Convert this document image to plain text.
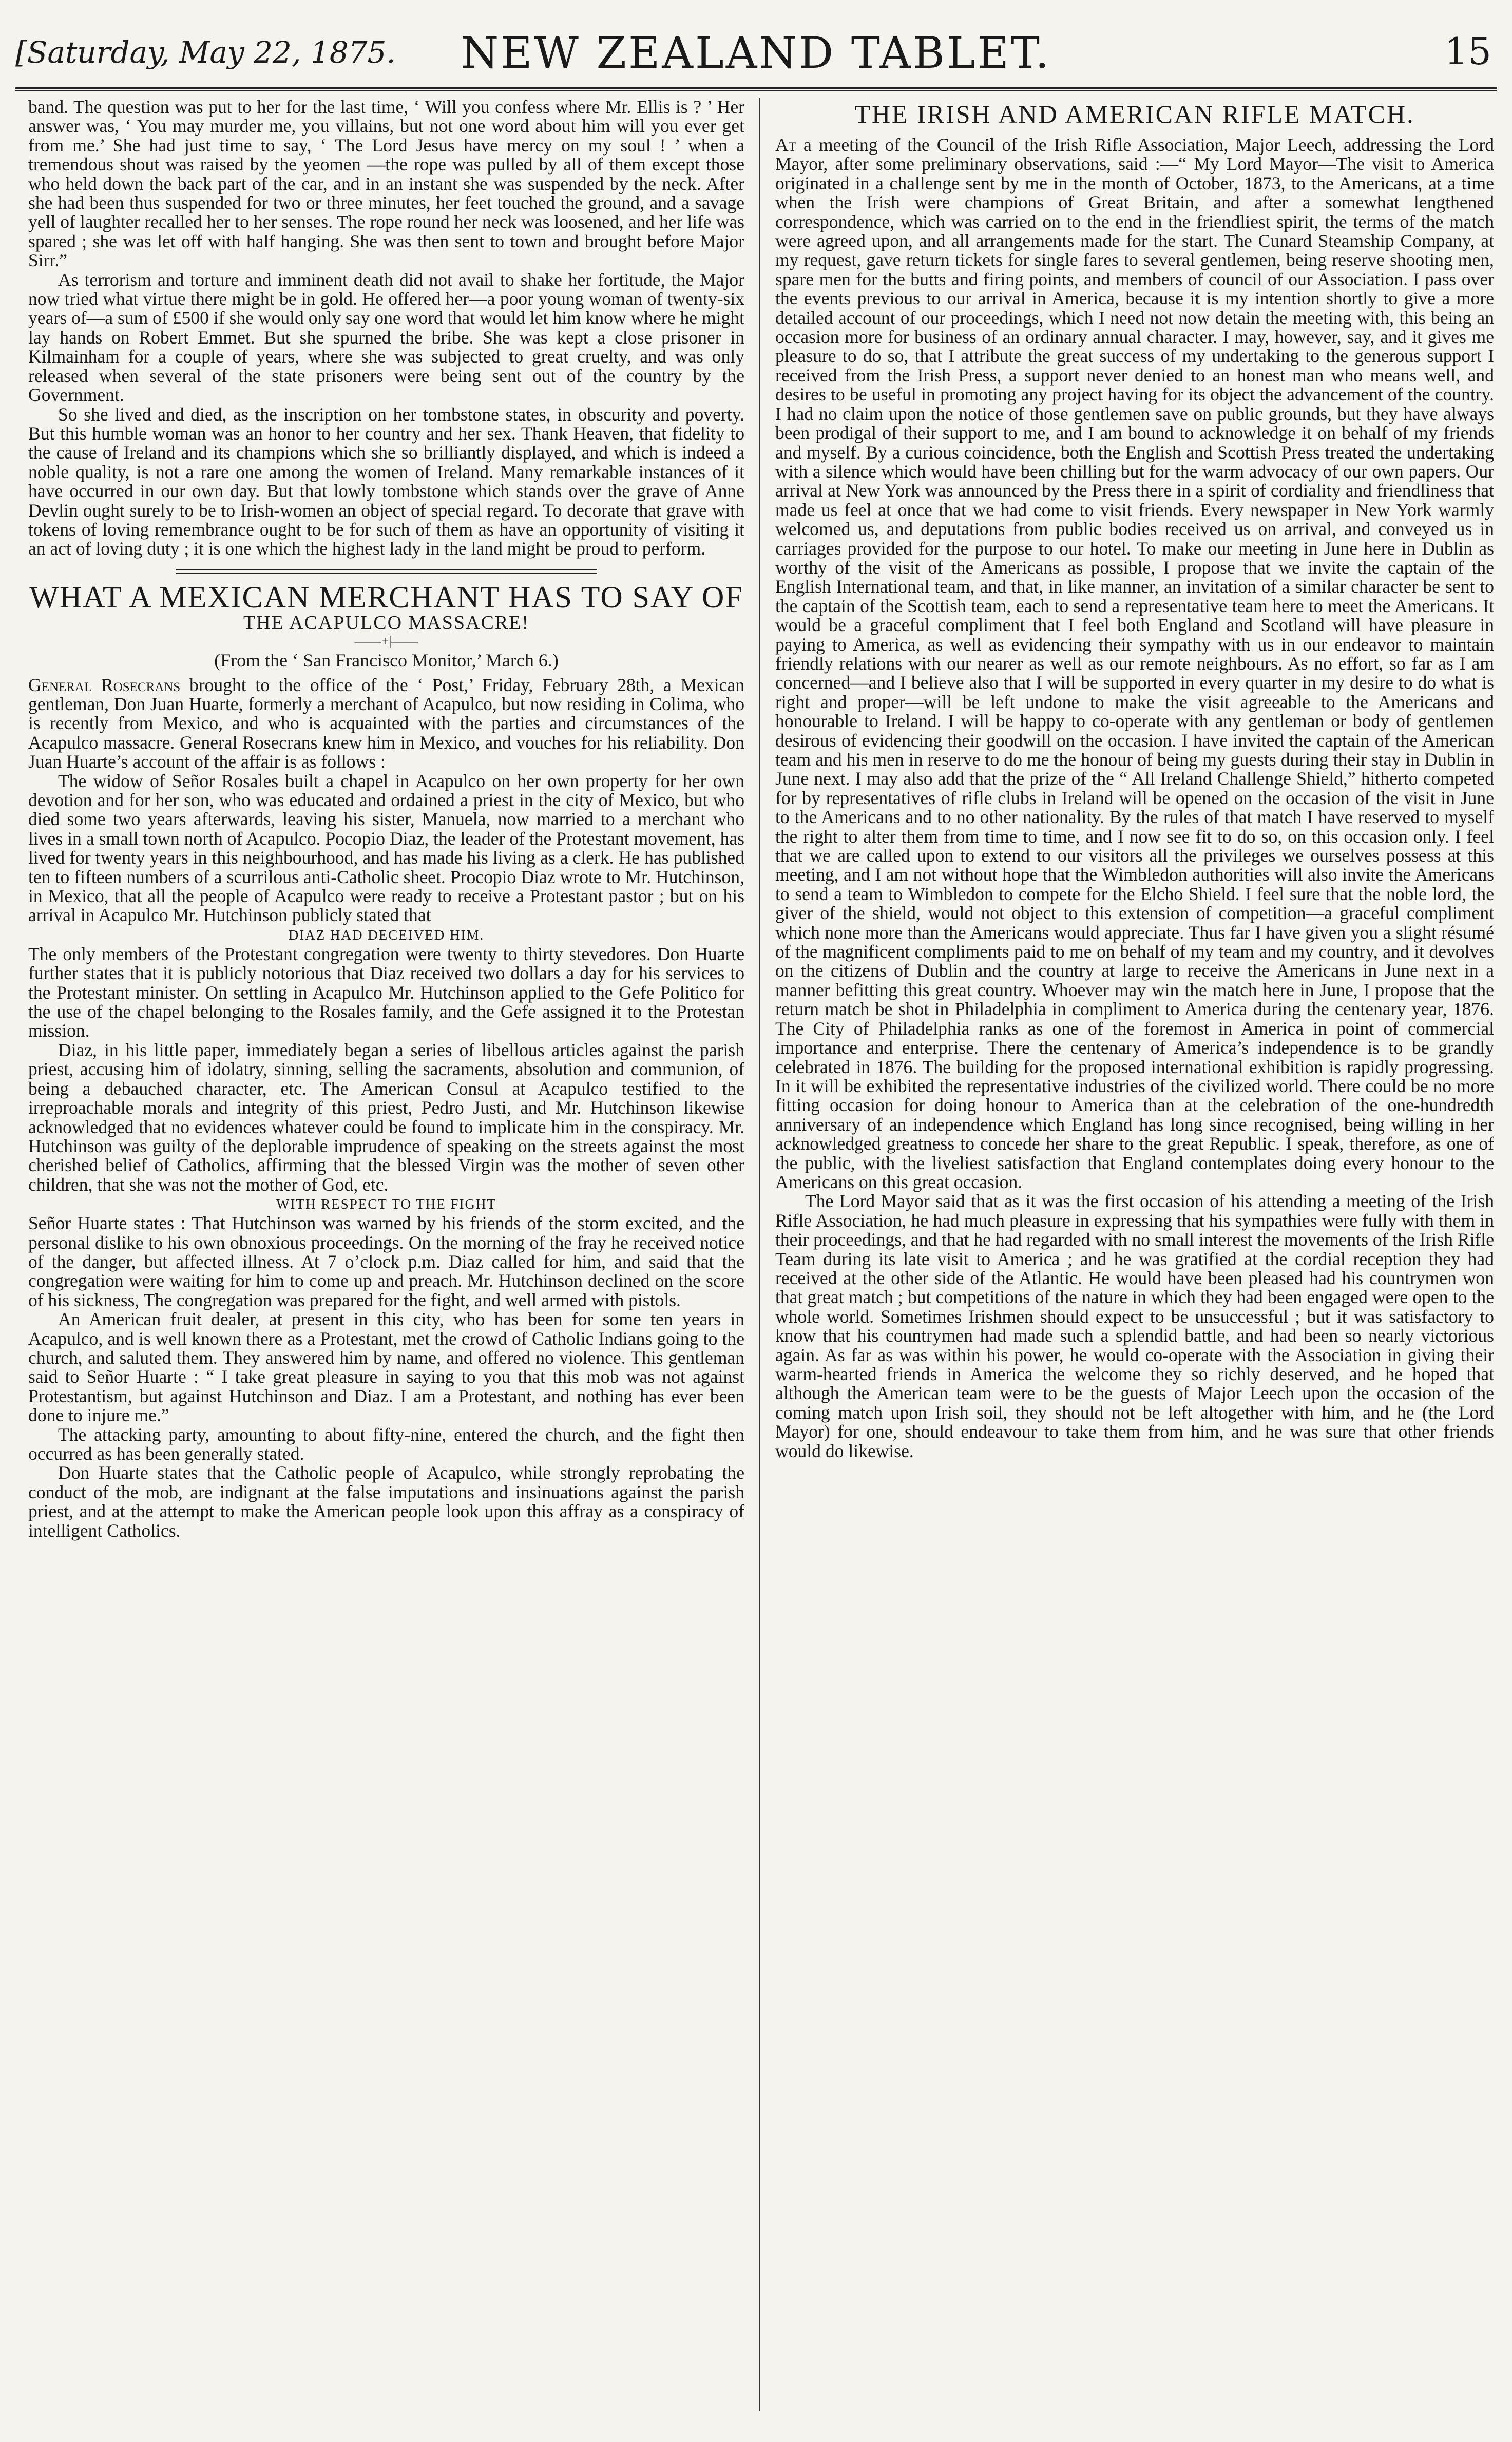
[Saturday, May 22, 1875.	NEW ZEALAND TABLET.	15

band. The question was put to her for the last time, ‘ Will you confess where Mr. Ellis is ? ’ Her answer was, ‘ You may murder me, you villains, but not one word about him will you ever get from me.’ She had just time to say, ‘ The Lord Jesus have mercy on my soul ! ’ when a tremendous shout was raised by the yeomen —the rope was pulled by all of them except those who held down the back part of the car, and in an instant she was suspended by the neck. After she had been thus suspended for two or three minutes, her feet touched the ground, and a savage yell of laughter recalled her to her senses. The rope round her neck was loosened, and her life was spared ; she was let off with half hanging. She was then sent to town and brought before Major Sirr.”

As terrorism and torture and imminent death did not avail to shake her fortitude, the Major now tried what virtue there might be in gold. He offered her—a poor young woman of twenty-six years of—a sum of £500 if she would only say one word that would let him know where he might lay hands on Robert Emmet. But she spurned the bribe. She was kept a close prisoner in Kilmainham for a couple of years, where she was subjected to great cruelty, and was only released when several of the state prisoners were being sent out of the country by the Government.

So she lived and died, as the inscription on her tombstone states, in obscurity and poverty. But this humble woman was an honor to her country and her sex. Thank Heaven, that fidelity to the cause of Ireland and its champions which she so brilliantly displayed, and which is indeed a noble quality, is not a rare one among the women of Ireland. Many remarkable instances of it have occurred in our own day. But that lowly tombstone which stands over the grave of Anne Devlin ought surely to be to Irish-women an object of special regard. To decorate that grave with tokens of loving remembrance ought to be for such of them as have an opportunity of visiting it an act of loving duty ; it is one which the highest lady in the land might be proud to perform.

WHAT A MEXICAN MERCHANT HAS TO SAY OF
THE ACAPULCO MASSACRE!
——+|——
(From the ‘ San Francisco Monitor,’ March 6.)

General Rosecrans brought to the office of the ‘ Post,’ Friday, February 28th, a Mexican gentleman, Don Juan Huarte, formerly a merchant of Acapulco, but now residing in Colima, who is recently from Mexico, and who is acquainted with the parties and circumstances of the Acapulco massacre. General Rosecrans knew him in Mexico, and vouches for his reliability. Don Juan Huarte’s account of the affair is as follows :

The widow of Señor Rosales built a chapel in Acapulco on her own property for her own devotion and for her son, who was educated and ordained a priest in the city of Mexico, but who died some two years afterwards, leaving his sister, Manuela, now married to a merchant who lives in a small town north of Acapulco. Pocopio Diaz, the leader of the Protestant movement, has lived for twenty years in this neighbourhood, and has made his living as a clerk. He has published ten to fifteen numbers of a scurrilous anti-Catholic sheet. Procopio Diaz wrote to Mr. Hutchinson, in Mexico, that all the people of Acapulco were ready to receive a Protestant pastor ; but on his arrival in Acapulco Mr. Hutchinson publicly stated that

DIAZ HAD DECEIVED HIM.

The only members of the Protestant congregation were twenty to thirty stevedores. Don Huarte further states that it is publicly notorious that Diaz received two dollars a day for his services to the Protestant minister. On settling in Acapulco Mr. Hutchinson applied to the Gefe Politico for the use of the chapel belonging to the Rosales family, and the Gefe assigned it to the Protestan mission.

Diaz, in his little paper, immediately began a series of libellous articles against the parish priest, accusing him of idolatry, sinning, selling the sacraments, absolution and communion, of being a debauched character, etc. The American Consul at Acapulco testified to the irreproachable morals and integrity of this priest, Pedro Justi, and Mr. Hutchinson likewise acknowledged that no evidences whatever could be found to implicate him in the conspiracy. Mr. Hutchinson was guilty of the deplorable imprudence of speaking on the streets against the most cherished belief of Catholics, affirming that the blessed Virgin was the mother of seven other children, that she was not the mother of God, etc.

WITH RESPECT TO THE FIGHT

Señor Huarte states : That Hutchinson was warned by his friends of the storm excited, and the personal dislike to his own obnoxious proceedings. On the morning of the fray he received notice of the danger, but affected illness. At 7 o’clock p.m. Diaz called for him, and said that the congregation were waiting for him to come up and preach. Mr. Hutchinson declined on the score of his sickness, The congregation was prepared for the fight, and well armed with pistols.

An American fruit dealer, at present in this city, who has been for some ten years in Acapulco, and is well known there as a Protestant, met the crowd of Catholic Indians going to the church, and saluted them. They answered him by name, and offered no violence. This gentleman said to Señor Huarte : “ I take great pleasure in saying to you that this mob was not against Protestantism, but against Hutchinson and Diaz. I am a Protestant, and nothing has ever been done to injure me.”

The attacking party, amounting to about fifty-nine, entered the church, and the fight then occurred as has been generally stated.

Don Huarte states that the Catholic people of Acapulco, while strongly reprobating the conduct of the mob, are indignant at the false imputations and insinuations against the parish priest, and at the attempt to make the American people look upon this affray as a conspiracy of intelligent Catholics.

THE IRISH AND AMERICAN RIFLE MATCH.

At a meeting of the Council of the Irish Rifle Association, Major Leech, addressing the Lord Mayor, after some preliminary observations, said :—“ My Lord Mayor—The visit to America originated in a challenge sent by me in the month of October, 1873, to the Americans, at a time when the Irish were champions of Great Britain, and after a somewhat lengthened correspondence, which was carried on to the end in the friendliest spirit, the terms of the match were agreed upon, and all arrangements made for the start. The Cunard Steamship Company, at my request, gave return tickets for single fares to several gentlemen, being reserve shooting men, spare men for the butts and firing points, and members of council of our Association. I pass over the events previous to our arrival in America, because it is my intention shortly to give a more detailed account of our proceedings, which I need not now detain the meeting with, this being an occasion more for business of an ordinary annual character. I may, however, say, and it gives me pleasure to do so, that I attribute the great success of my undertaking to the generous support I received from the Irish Press, a support never denied to an honest man who means well, and desires to be useful in promoting any project having for its object the advancement of the country. I had no claim upon the notice of those gentlemen save on public grounds, but they have always been prodigal of their support to me, and I am bound to acknowledge it on behalf of my friends and myself. By a curious coincidence, both the English and Scottish Press treated the undertaking with a silence which would have been chilling but for the warm advocacy of our own papers. Our arrival at New York was announced by the Press there in a spirit of cordiality and friendliness that made us feel at once that we had come to visit friends. Every newspaper in New York warmly welcomed us, and deputations from public bodies received us on arrival, and conveyed us in carriages provided for the purpose to our hotel. To make our meeting in June here in Dublin as worthy of the visit of the Americans as possible, I propose that we invite the captain of the English International team, and that, in like manner, an invitation of a similar character be sent to the captain of the Scottish team, each to send a representative team here to meet the Americans. It would be a graceful compliment that I feel both England and Scotland will have pleasure in paying to America, as well as evidencing their sympathy with us in our endeavor to maintain friendly relations with our nearer as well as our remote neighbours. As no effort, so far as I am concerned—and I believe also that I will be supported in every quarter in my desire to do what is right and proper—will be left undone to make the visit agreeable to the Americans and honourable to Ireland. I will be happy to co-operate with any gentleman or body of gentlemen desirous of evidencing their goodwill on the occasion. I have invited the captain of the American team and his men in reserve to do me the honour of being my guests during their stay in Dublin in June next. I may also add that the prize of the “ All Ireland Challenge Shield,” hitherto competed for by representatives of rifle clubs in Ireland will be opened on the occasion of the visit in June to the Americans and to no other nationality. By the rules of that match I have reserved to myself the right to alter them from time to time, and I now see fit to do so, on this occasion only. I feel that we are called upon to extend to our visitors all the privileges we ourselves possess at this meeting, and I am not without hope that the Wimbledon authorities will also invite the Americans to send a team to Wimbledon to compete for the Elcho Shield. I feel sure that the noble lord, the giver of the shield, would not object to this extension of competition—a graceful compliment which none more than the Americans would appreciate. Thus far I have given you a slight résumé of the magnificent compliments paid to me on behalf of my team and my country, and it devolves on the citizens of Dublin and the country at large to receive the Americans in June next in a manner befitting this great country. Whoever may win the match here in June, I propose that the return match be shot in Philadelphia in compliment to America during the centenary year, 1876. The City of Philadelphia ranks as one of the foremost in America in point of commercial importance and enterprise. There the centenary of America’s independence is to be grandly celebrated in 1876. The building for the proposed international exhibition is rapidly progressing. In it will be exhibited the representative industries of the civilized world. There could be no more fitting occasion for doing honour to America than at the celebration of the one-hundredth anniversary of an independence which England has long since recognised, being willing in her acknowledged greatness to concede her share to the great Republic. I speak, therefore, as one of the public, with the liveliest satisfaction that England contemplates doing every honour to the Americans on this great occasion.

The Lord Mayor said that as it was the first occasion of his attending a meeting of the Irish Rifle Association, he had much pleasure in expressing that his sympathies were fully with them in their proceedings, and that he had regarded with no small interest the movements of the Irish Rifle Team during its late visit to America ; and he was gratified at the cordial reception they had received at the other side of the Atlantic. He would have been pleased had his countrymen won that great match ; but competitions of the nature in which they had been engaged were open to the whole world. Sometimes Irishmen should expect to be unsuccessful ; but it was satisfactory to know that his countrymen had made such a splendid battle, and had been so nearly victorious again. As far as was within his power, he would co-operate with the Association in giving their warm-hearted friends in America the welcome they so richly deserved, and he hoped that although the American team were to be the guests of Major Leech upon the occasion of the coming match upon Irish soil, they should not be left altogether with him, and he (the Lord Mayor) for one, should endeavour to take them from him, and he was sure that other friends would do likewise.
